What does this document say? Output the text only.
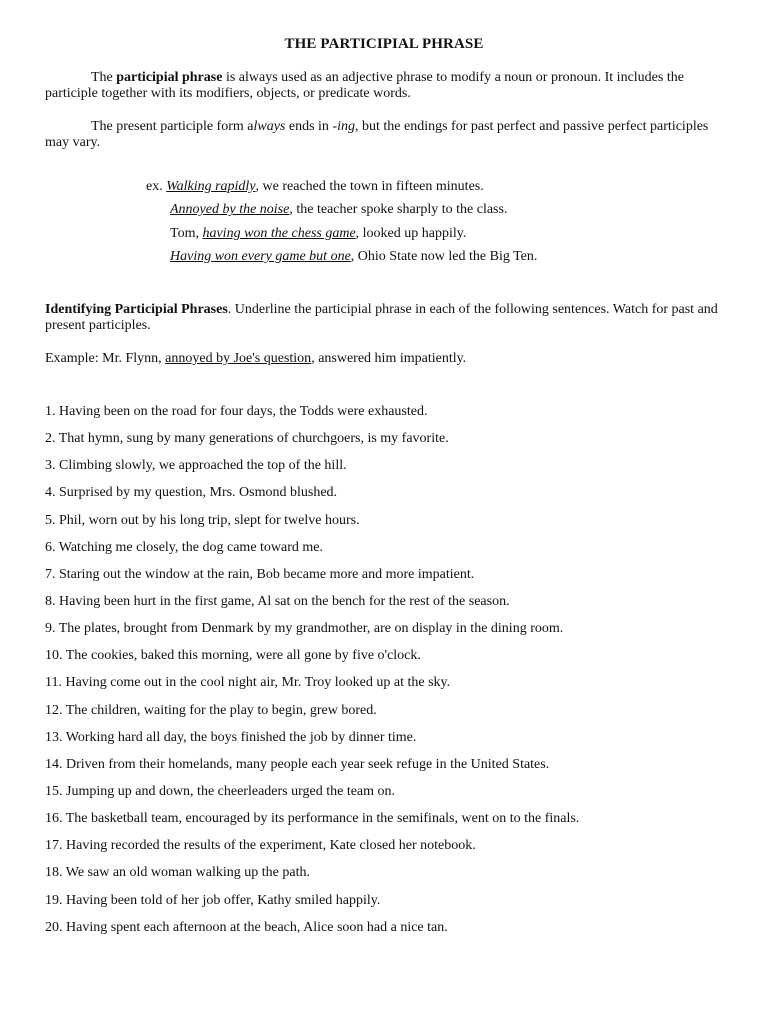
THE PARTICIPIAL PHRASE

The participial phrase is always used as an adjective phrase to modify a noun or pronoun. It includes the participle together with its modifiers, objects, or predicate words.

The present participle form always ends in -ing, but the endings for past perfect and passive perfect participles may vary.

ex. Walking rapidly, we reached the town in fifteen minutes.
Annoyed by the noise, the teacher spoke sharply to the class.
Tom, having won the chess game, looked up happily.
Having won every game but one, Ohio State now led the Big Ten.

Identifying Participial Phrases. Underline the participial phrase in each of the following sentences. Watch for past and present participles.

Example: Mr. Flynn, annoyed by Joe's question, answered him impatiently.

1. Having been on the road for four days, the Todds were exhausted.
2. That hymn, sung by many generations of churchgoers, is my favorite.
3. Climbing slowly, we approached the top of the hill.
4. Surprised by my question, Mrs. Osmond blushed.
5. Phil, worn out by his long trip, slept for twelve hours.
6. Watching me closely, the dog came toward me.
7. Staring out the window at the rain, Bob became more and more impatient.
8. Having been hurt in the first game, Al sat on the bench for the rest of the season.
9. The plates, brought from Denmark by my grandmother, are on display in the dining room.
10. The cookies, baked this morning, were all gone by five o'clock.
11. Having come out in the cool night air, Mr. Troy looked up at the sky.
12. The children, waiting for the play to begin, grew bored.
13. Working hard all day, the boys finished the job by dinner time.
14. Driven from their homelands, many people each year seek refuge in the United States.
15. Jumping up and down, the cheerleaders urged the team on.
16. The basketball team, encouraged by its performance in the semifinals, went on to the finals.
17. Having recorded the results of the experiment, Kate closed her notebook.
18. We saw an old woman walking up the path.
19. Having been told of her job offer, Kathy smiled happily.
20. Having spent each afternoon at the beach, Alice soon had a nice tan.
